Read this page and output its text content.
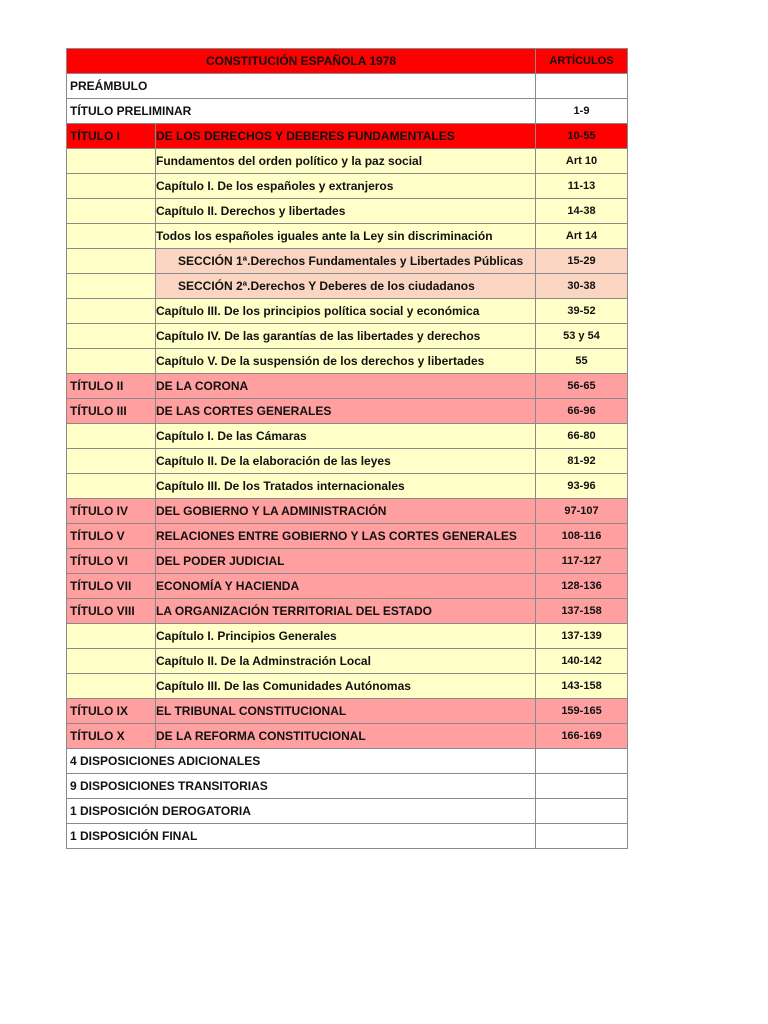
CONSTITUCIÓN ESPAÑOLA 1978		ARTÍCULOS
PREÁMBULO		
TÍTULO PRELIMINAR		1-9
TÍTULO I	DE LOS DERECHOS Y DEBERES FUNDAMENTALES	10-55
	Fundamentos del orden político y la paz social	Art 10
	Capítulo I. De los españoles y extranjeros	11-13
	Capítulo II. Derechos y libertades	14-38
	Todos los españoles iguales ante la Ley sin discriminación	Art 14
	SECCIÓN 1ª.Derechos Fundamentales y Libertades Públicas	15-29
	SECCIÓN 2ª.Derechos Y Deberes de los ciudadanos	30-38
	Capítulo III. De los principios política social y económica	39-52
	Capítulo IV. De las garantías de las libertades y derechos	53 y 54
	Capítulo V. De la suspensión de los derechos y libertades	55
TÍTULO II	DE LA CORONA	56-65
TÍTULO III	DE LAS CORTES GENERALES	66-96
	Capítulo I. De las Cámaras	66-80
	Capítulo II. De la elaboración de las leyes	81-92
	Capítulo III. De los Tratados internacionales	93-96
TÍTULO IV	DEL GOBIERNO Y LA ADMINISTRACIÓN	97-107
TÍTULO V	RELACIONES ENTRE GOBIERNO Y LAS CORTES GENERALES	108-116
TÍTULO VI	DEL PODER JUDICIAL	117-127
TÍTULO VII	ECONOMÍA Y HACIENDA	128-136
TÍTULO VIII	LA ORGANIZACIÓN TERRITORIAL DEL ESTADO	137-158
	Capítulo I. Principios Generales	137-139
	Capítulo II. De la Adminstración Local	140-142
	Capítulo III. De las Comunidades Autónomas	143-158
TÍTULO IX	EL TRIBUNAL CONSTITUCIONAL	159-165
TÍTULO X	DE LA REFORMA CONSTITUCIONAL	166-169
4 DISPOSICIONES ADICIONALES		
9 DISPOSICIONES TRANSITORIAS		
1 DISPOSICIÓN DEROGATORIA		
1 DISPOSICIÓN FINAL		
